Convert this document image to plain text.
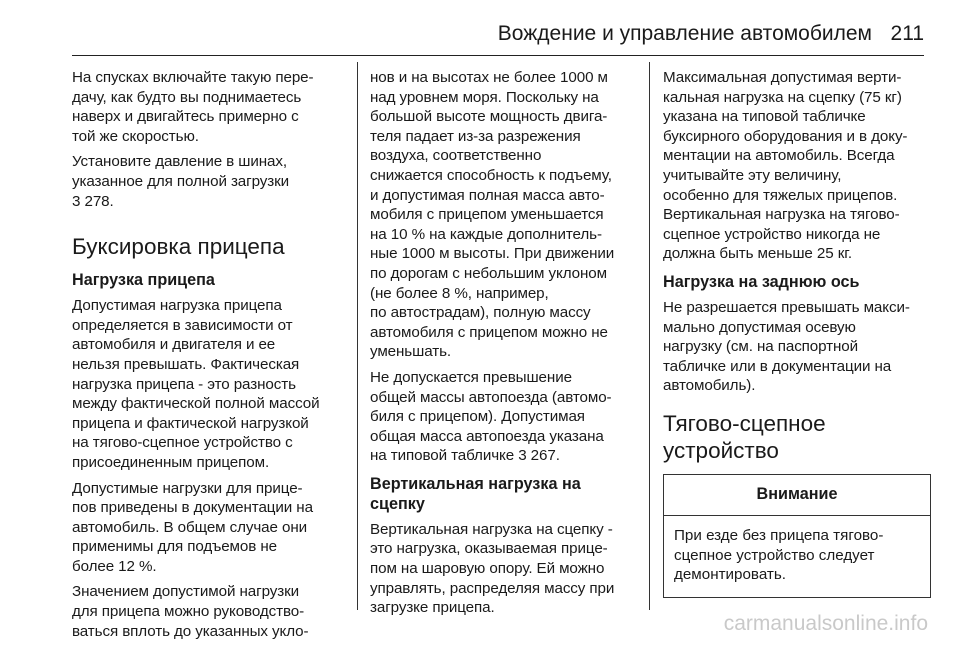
Вождение и управление автомобилем 211

На спусках включайте такую пере-
дачу, как будто вы поднимаетесь
наверх и двигайтесь примерно с
той же скоростью.

Установите давление в шинах,
указанное для полной загрузки
3 278.

Буксировка прицепа
Нагрузка прицепа

Допустимая нагрузка прицепа
определяется в зависимости от
автомобиля и двигателя и ее
нельзя превышать. Фактическая
нагрузка прицепа - это разность
между фактической полной массой
прицепа и фактической нагрузкой
на тягово-сцепное устройство с
присоединенным прицепом.

Допустимые нагрузки для прице-
пов приведены в документации на
автомобиль. В общем случае они
применимы для подъемов не
более 12 %.

Значением допустимой нагрузки
для прицепа можно руководство-
ваться вплоть до указанных укло-

нов и на высотах не более 1000 м
над уровнем моря. Поскольку на
большой высоте мощность двига-
теля падает из-за разрежения
воздуха, соответственно
снижается способность к подъему,
и допустимая полная масса авто-
мобиля с прицепом уменьшается
на 10 % на каждые дополнитель-
ные 1000 м высоты. При движении
по дорогам с небольшим уклоном
(не более 8 %, например,
по автострадам), полную массу
автомобиля с прицепом можно не
уменьшать.

Не допускается превышение
общей массы автопоезда (автомо-
биля с прицепом). Допустимая
общая масса автопоезда указана
на типовой табличке 3 267.

Вертикальная нагрузка на
сцепку

Вертикальная нагрузка на сцепку -
это нагрузка, оказываемая прице-
пом на шаровую опору. Ей можно
управлять, распределяя массу при
загрузке прицепа.

Максимальная допустимая верти-
кальная нагрузка на сцепку (75 кг)
указана на типовой табличке
буксирного оборудования и в доку-
ментации на автомобиль. Всегда
учитывайте эту величину,
особенно для тяжелых прицепов.
Вертикальная нагрузка на тягово-
сцепное устройство никогда не
должна быть меньше 25 кг.

Нагрузка на заднюю ось

Не разрешается превышать макси-
мально допустимая осевую
нагрузку (см. на паспортной
табличке или в документации на
автомобиль).

Тягово-сцепное
устройство
Внимание
При езде без прицепа тягово-
сцепное устройство следует
демонтировать.
carmanualsonline.info
